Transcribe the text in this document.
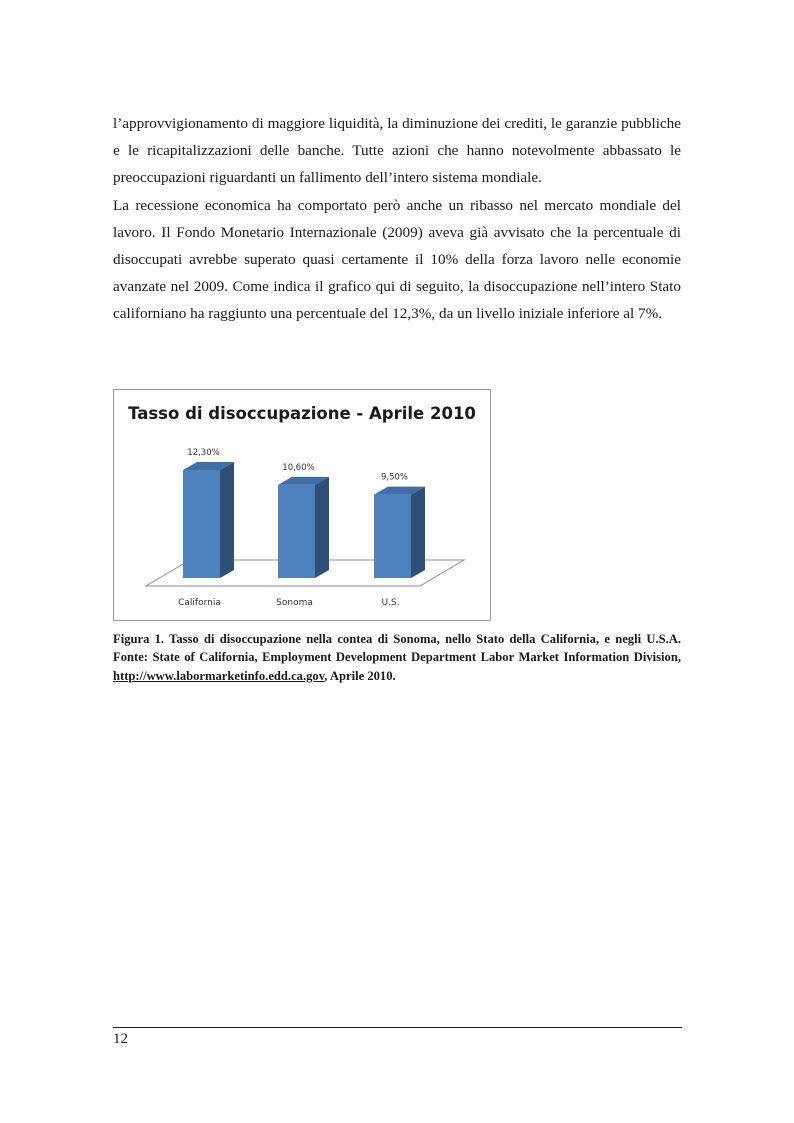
l’approvvigionamento di maggiore liquidità, la diminuzione dei crediti, le garanzie pubbliche e le ricapitalizzazioni delle banche. Tutte azioni che hanno notevolmente abbassato le preoccupazioni riguardanti un fallimento dell’intero sistema mondiale.

La recessione economica ha comportato però anche un ribasso nel mercato mondiale del lavoro. Il Fondo Monetario Internazionale (2009) aveva già avvisato che la percentuale di disoccupati avrebbe superato quasi certamente il 10% della forza lavoro nelle economie avanzate nel 2009. Come indica il grafico qui di seguito, la disoccupazione nell’intero Stato californiano ha raggiunto una percentuale del 12,3%, da un livello iniziale inferiore al 7%.

Tasso di disoccupazione - Aprile 2010
12,30%
California
10,60%
Sonoma
9,50%
U.S.

Figura 1. Tasso di disoccupazione nella contea di Sonoma, nello Stato della California, e negli U.S.A. Fonte: State of California, Employment Development Department Labor Market Information Division, http://www.labormarketinfo.edd.ca.gov, Aprile 2010.

12
